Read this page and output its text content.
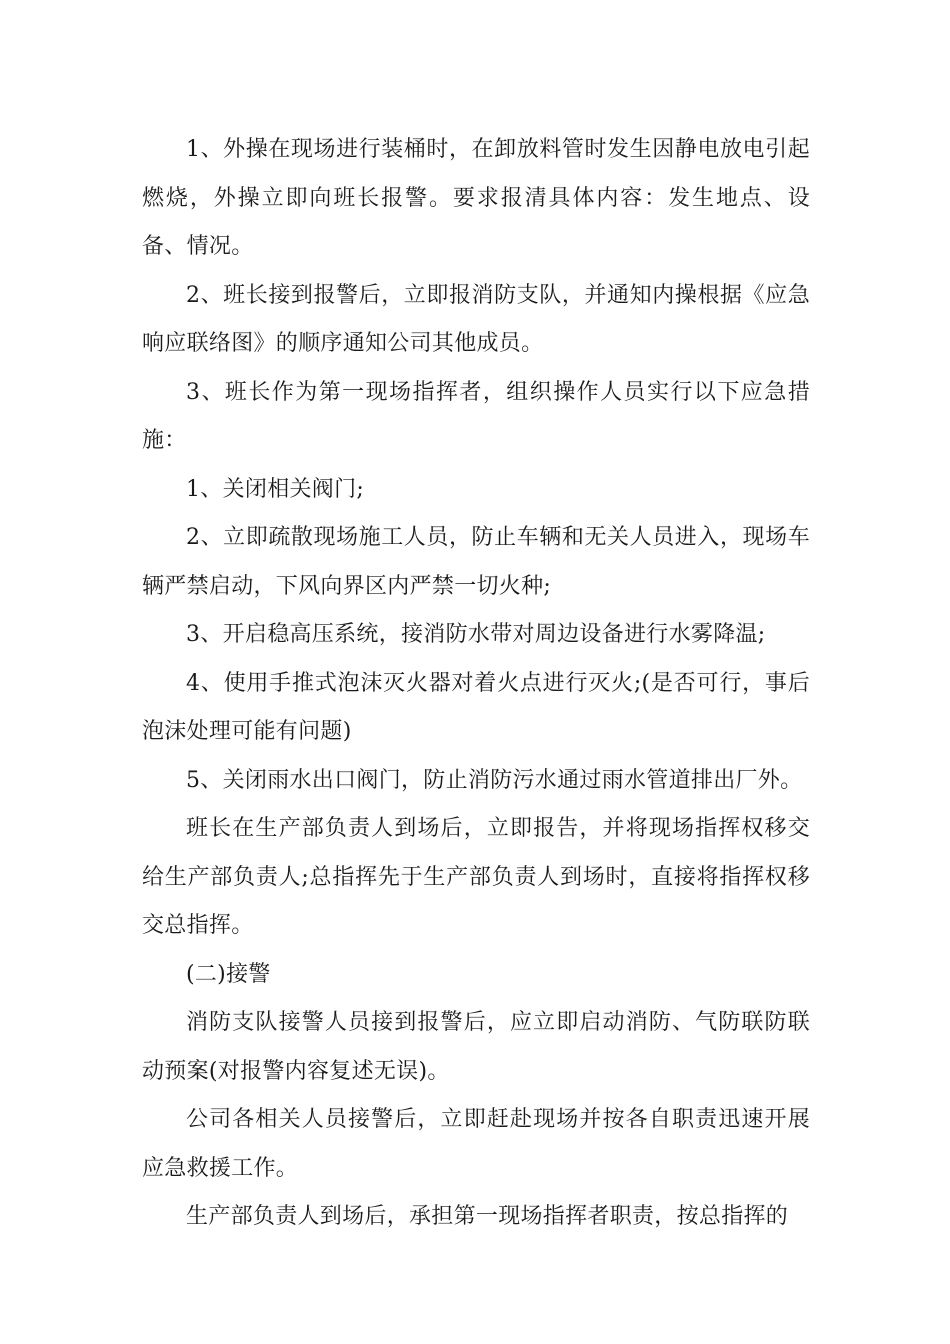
1、外操在现场进行装桶时，在卸放料管时发生因静电放电引起燃烧，外操立即向班长报警。要求报清具体内容：发生地点、设备、情况。

2、班长接到报警后，立即报消防支队，并通知内操根据《应急响应联络图》的顺序通知公司其他成员。

3、班长作为第一现场指挥者，组织操作人员实行以下应急措施：

1、关闭相关阀门;

2、立即疏散现场施工人员，防止车辆和无关人员进入，现场车辆严禁启动，下风向界区内严禁一切火种;

3、开启稳高压系统，接消防水带对周边设备进行水雾降温;

4、使用手推式泡沫灭火器对着火点进行灭火;(是否可行，事后泡沫处理可能有问题)

5、关闭雨水出口阀门，防止消防污水通过雨水管道排出厂外。

班长在生产部负责人到场后，立即报告，并将现场指挥权移交给生产部负责人;总指挥先于生产部负责人到场时，直接将指挥权移交总指挥。

(二)接警

消防支队接警人员接到报警后，应立即启动消防、气防联防联动预案(对报警内容复述无误)。

公司各相关人员接警后，立即赶赴现场并按各自职责迅速开展应急救援工作。

生产部负责人到场后，承担第一现场指挥者职责，按总指挥的
